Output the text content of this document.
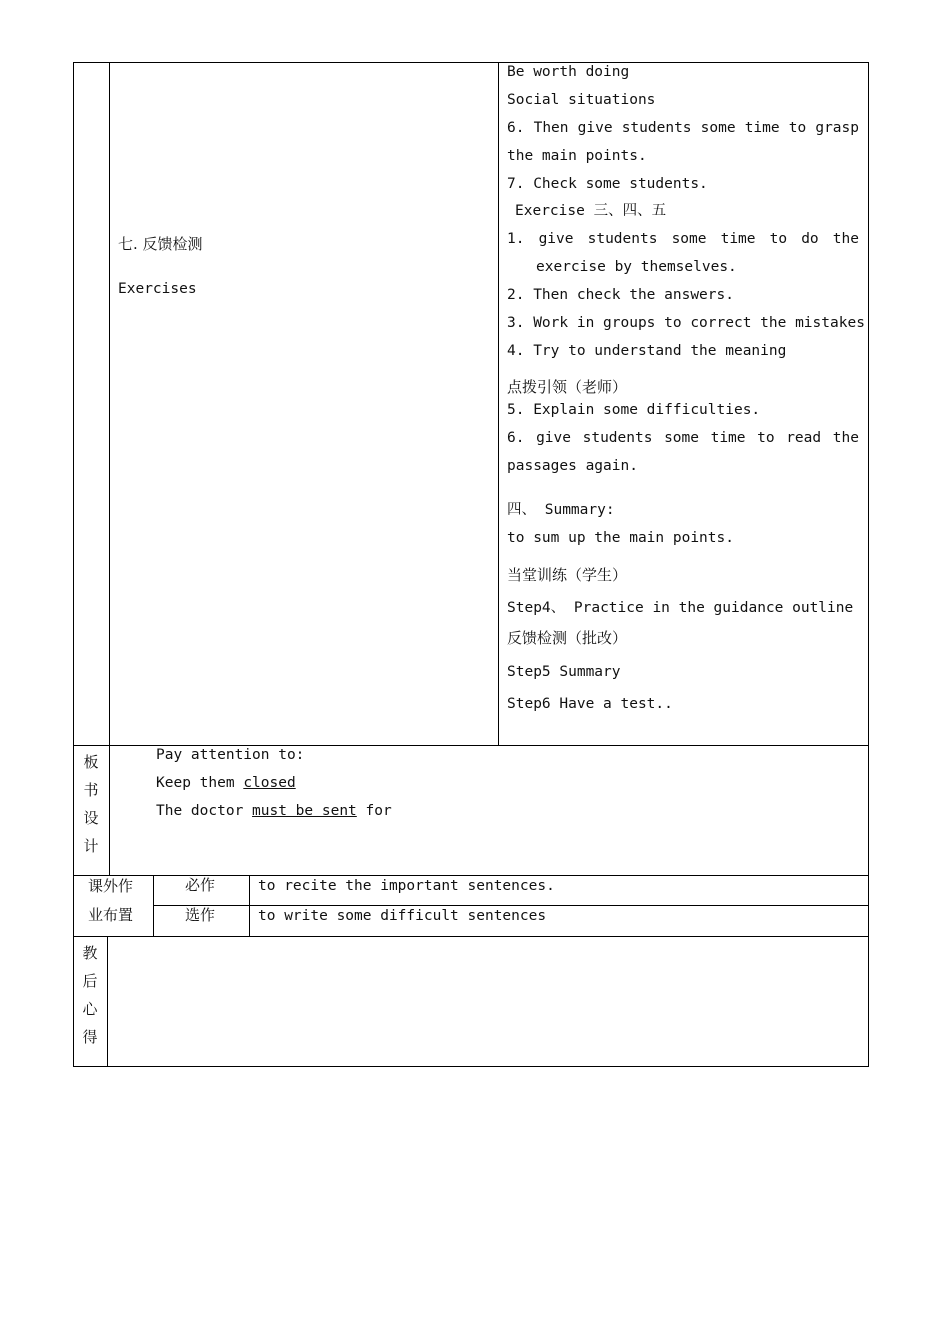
七. 反馈检测
Exercises
Be worth doing
Social situations
6. Then give students some time to grasp
the main points.
7. Check some students.
Exercise 三、四、五
1. give students some time to do the
exercise by themselves.
2. Then check the answers.
3. Work in groups to correct the mistakes
4. Try to understand the meaning
点拨引领（老师）
5. Explain some difficulties.
6. give students some time to read the
passages again.
四、 Summary:
to sum up the main points.
当堂训练（学生）
Step4、 Practice in the guidance outline
反馈检测（批改）
Step5 Summary
Step6 Have a test..
板
书
设
计
Pay attention to:
Keep them closed
The doctor must be sent for
课外作
业布置
必作	to recite the important sentences.
选作	to write some difficult sentences
教
后
心
得
